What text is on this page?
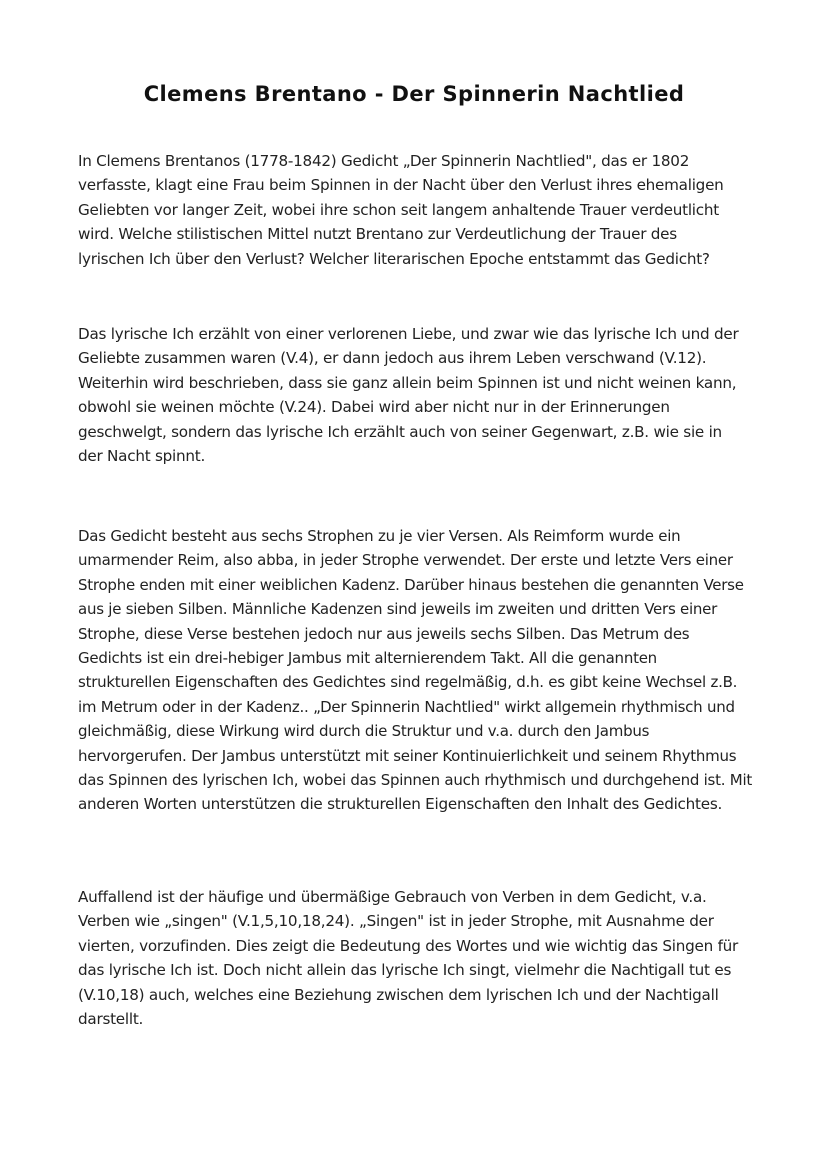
Clemens Brentano - Der Spinnerin Nachtlied
In Clemens Brentanos (1778-1842) Gedicht „Der Spinnerin Nachtlied", das er 1802
verfasste, klagt eine Frau beim Spinnen in der Nacht über den Verlust ihres ehemaligen
Geliebten vor langer Zeit, wobei ihre schon seit langem anhaltende Trauer verdeutlicht
wird. Welche stilistischen Mittel nutzt Brentano zur Verdeutlichung der Trauer des
lyrischen Ich über den Verlust? Welcher literarischen Epoche entstammt das Gedicht?
Das lyrische Ich erzählt von einer verlorenen Liebe, und zwar wie das lyrische Ich und der
Geliebte zusammen waren (V.4), er dann jedoch aus ihrem Leben verschwand (V.12).
Weiterhin wird beschrieben, dass sie ganz allein beim Spinnen ist und nicht weinen kann,
obwohl sie weinen möchte (V.24). Dabei wird aber nicht nur in der Erinnerungen
geschwelgt, sondern das lyrische Ich erzählt auch von seiner Gegenwart, z.B. wie sie in
der Nacht spinnt.
Das Gedicht besteht aus sechs Strophen zu je vier Versen. Als Reimform wurde ein
umarmender Reim, also abba, in jeder Strophe verwendet. Der erste und letzte Vers einer
Strophe enden mit einer weiblichen Kadenz. Darüber hinaus bestehen die genannten Verse
aus je sieben Silben. Männliche Kadenzen sind jeweils im zweiten und dritten Vers einer
Strophe, diese Verse bestehen jedoch nur aus jeweils sechs Silben. Das Metrum des
Gedichts ist ein drei-hebiger Jambus mit alternierendem Takt. All die genannten
strukturellen Eigenschaften des Gedichtes sind regelmäßig, d.h. es gibt keine Wechsel z.B.
im Metrum oder in der Kadenz.. „Der Spinnerin Nachtlied" wirkt allgemein rhythmisch und
gleichmäßig, diese Wirkung wird durch die Struktur und v.a. durch den Jambus
hervorgerufen. Der Jambus unterstützt mit seiner Kontinuierlichkeit und seinem Rhythmus
das Spinnen des lyrischen Ich, wobei das Spinnen auch rhythmisch und durchgehend ist. Mit
anderen Worten unterstützen die strukturellen Eigenschaften den Inhalt des Gedichtes.
Auffallend ist der häufige und übermäßige Gebrauch von Verben in dem Gedicht, v.a.
Verben wie „singen" (V.1,5,10,18,24). „Singen" ist in jeder Strophe, mit Ausnahme der
vierten, vorzufinden. Dies zeigt die Bedeutung des Wortes und wie wichtig das Singen für
das lyrische Ich ist. Doch nicht allein das lyrische Ich singt, vielmehr die Nachtigall tut es
(V.10,18) auch, welches eine Beziehung zwischen dem lyrischen Ich und der Nachtigall
darstellt.
